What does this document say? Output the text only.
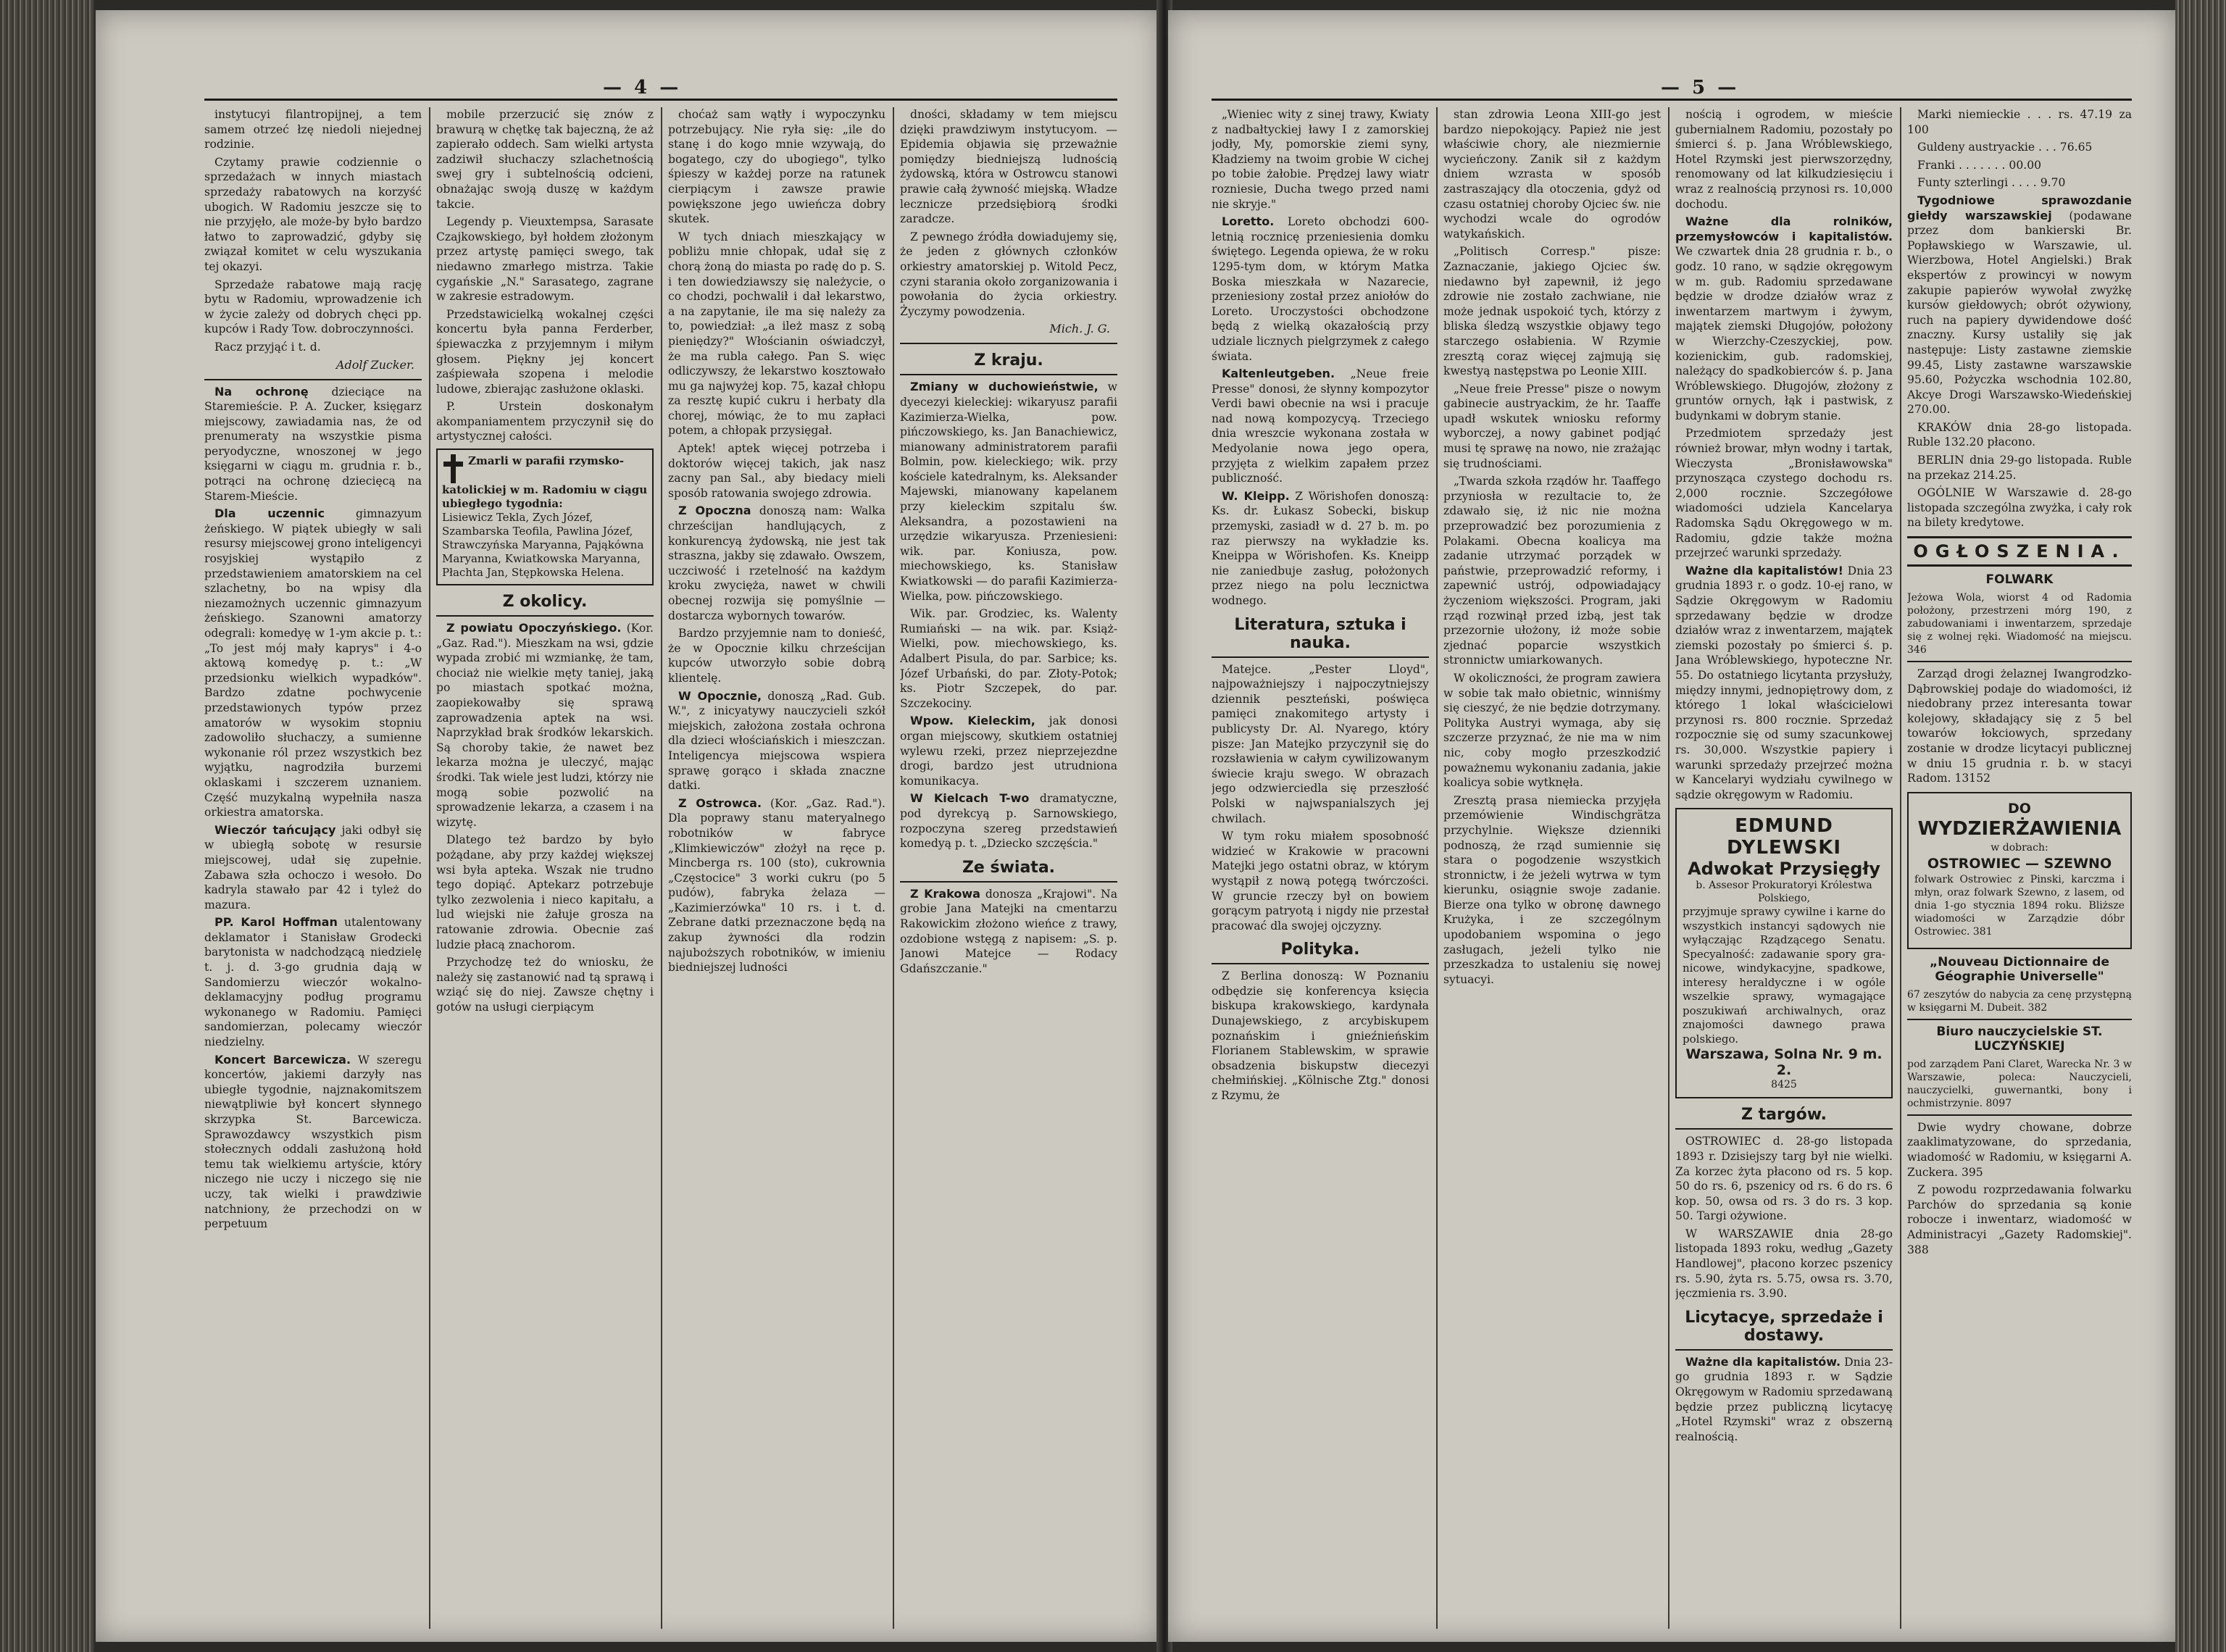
— 4 —

instytucyi filantropijnej, a tem samem otrzeć łzę niedoli niejednej rodzinie.

Czytamy prawie codziennie o sprzedażach w innych miastach sprzedaży rabatowych na korzyść ubogich. W Radomiu jeszcze się to nie przyjęło, ale może-by było bardzo łatwo to zaprowadzić, gdyby się związał komitet w celu wyszukania tej okazyi.

Sprzedaże rabatowe mają rację bytu w Radomiu, wprowadzenie ich w życie zależy od dobrych chęci pp. kupców i Rady Tow. dobroczynności.

Racz przyjąć i t. d.

Adolf Zucker.

Na ochronę dzieciące na Staremieście. P. A. Zucker, księgarz miejscowy, zawiadamia nas, że od prenumeraty na wszystkie pisma peryodyczne, wnoszonej w jego księgarni w ciągu m. grudnia r. b., potrąci na ochronę dziecięcą na Starem-Mieście.

Dla uczennic	gimnazyum żeńskiego. W piątek ubiegły w sali resursy miejscowej grono inteligencyi rosyjskiej wystąpiło z przedstawieniem amatorskiem na cel szlachetny, bo na wpisy dla niezamożnych uczennic gimnazyum żeńskiego. Szanowni amatorzy odegrali: komedyę w 1-ym akcie p. t.: „To jest mój mały kaprys" i 4-o aktową komedyę p. t.: „W przedsionku wielkich wypadków". Bardzo zdatne pochwycenie przedstawionych typów przez amatorów w wysokim stopniu zadowoliło słuchaczy, a sumienne wykonanie ról przez wszystkich bez wyjątku, nagrodziła burzemi oklaskami i szczerem uznaniem. Część muzykalną wypełniła nasza orkiestra amatorska.

Wieczór tańcujący jaki odbył się w ubiegłą sobotę w resursie miejscowej, udał się zupełnie. Zabawa szła ochoczo i wesoło. Do kadryla stawało par 42 i tyleż do mazura.

PP. Karol Hoffman utalentowany deklamator i Stanisław Grodecki barytonista w nadchodzącą niedzielę t. j. d. 3-go grudnia dają w Sandomierzu wieczór wokalno-deklamacyjny podług programu wykonanego w Radomiu. Pamięci sandomierzan, polecamy wieczór niedzielny.

Koncert Barcewicza. W szeregu koncertów, jakiemi darzyły nas ubiegłe tygodnie, najznakomitszem niewątpliwie był koncert słynnego skrzypka St. Barcewicza. Sprawozdawcy wszystkich pism stołecznych oddali zasłużoną hołd temu tak wielkiemu artyście, który niczego nie uczy i niczego się nie uczy, tak wielki i prawdziwie natchniony, że przechodzi on w perpetuum

mobile przerzucić się znów z brawurą w chętkę tak bajeczną, że aż zapierało oddech. Sam wielki artysta zadziwił słuchaczy szlachetnością swej gry i subtelnością odcieni, obnażając swoją duszę w każdym takcie.

Legendy p. Vieuxtempsa, Sarasate Czajkowskiego, był hołdem złożonym przez artystę pamięci swego, tak niedawno zmarłego mistrza. Takie cygańskie „N." Sarasatego, zagrane w zakresie estradowym.

Przedstawicielką wokalnej części koncertu była panna Ferderber, śpiewaczka z przyjemnym i miłym głosem. Piękny jej koncert zaśpiewała szopena i melodie ludowe, zbierając zasłużone oklaski.

P. Urstein doskonałym akompaniamentem przyczynił się do artystycznej całości.

Zmarli w parafii rzymsko-katolickiej w m. Radomiu w ciągu ubiegłego tygodnia:
Lisiewicz Tekla, Zych Józef, Szambarska Teofila, Pawlina Józef, Strawczyńska Maryanna, Pająkówna Maryanna, Kwiatkowska Maryanna, Płachta Jan, Stępkowska Helena.
Z okolicy.

Z powiatu Opoczyńskiego. (Kor. „Gaz. Rad."). Mieszkam na wsi, gdzie wypada zrobić mi wzmiankę, że tam, chociaż nie wielkie męty taniej, jaką po miastach spotkać można, zaopiekowałby się sprawą zaprowadzenia aptek na wsi. Naprzykład brak środków lekarskich. Są choroby takie, że nawet bez lekarza można je uleczyć, mając środki. Tak wiele jest ludzi, którzy nie mogą sobie pozwolić na sprowadzenie lekarza, a czasem i na wizytę.

Dlatego też bardzo by było pożądane, aby przy każdej większej wsi była apteka. Wszak nie trudno tego dopiąć. Aptekarz potrzebuje tylko zezwolenia i nieco kapitału, a lud wiejski nie żałuje grosza na ratowanie zdrowia. Obecnie zaś ludzie płacą znachorom.

Przychodzę też do wniosku, że należy się zastanowić nad tą sprawą i wziąć się do niej. Zawsze chętny i gotów na usługi cierpiącym

choćaż sam wątły i wypoczynku potrzebujący. Nie ryła się: „ile do stanę i do kogo mnie wzywają, do bogatego, czy do ubogiego", tylko śpieszy w każdej porze na ratunek cierpiącym i zawsze prawie powiększone jego uwieńcza dobry skutek.

W tych dniach mieszkający w pobliżu mnie chłopak, udał się z chorą żoną do miasta po radę do p. S. i ten dowiedziawszy się należycie, o co chodzi, pochwalił i dał lekarstwo, a na zapytanie, ile ma się należy za to, powiedział: „a ileż masz z sobą pieniędzy?" Włościanin oświadczył, że ma rubla całego. Pan S. więc odliczywszy, że lekarstwo kosztowało mu ga najwyżej kop. 75, kazał chłopu za resztę kupić cukru i herbaty dla chorej, mówiąc, że to mu zapłaci potem, a chłopak przysięgał.

Aptek! aptek więcej potrzeba i doktorów więcej takich, jak nasz zacny pan Sal., aby biedacy mieli sposób ratowania swojego zdrowia.

Z Opoczna donoszą nam: Walka chrześcijan handlujących, z konkurencyą żydowską, nie jest tak straszna, jakby się zdawało. Owszem, uczciwość i rzetelność na każdym kroku zwycięża, nawet w chwili obecnej rozwija się pomyślnie — dostarcza wybornych towarów.

Bardzo przyjemnie nam to donieść, że w Opocznie kilku chrześcijan kupców utworzyło sobie dobrą klientelę.

W Opocznie, donoszą „Rad. Gub. W.", z inicyatywy nauczycieli szkół miejskich, założona została ochrona dla dzieci włościańskich i mieszczan. Inteligencya miejscowa wspiera sprawę gorąco i składa znaczne datki.

Z Ostrowca. (Kor. „Gaz. Rad."). Dla poprawy stanu materyalnego robotników w fabryce „Klimkiewiczów" złożył na ręce p. Mincberga rs. 100 (sto), cukrownia „Częstocice" 3 worki cukru (po 5 pudów), fabryka żelaza — „Kazimierzówka" 10 rs. i t. d. Zebrane datki przeznaczone będą na zakup żywności dla rodzin najuboższych robotników, w imieniu biedniejszej ludności

dności, składamy w tem miejscu dzięki prawdziwym instytucyom. — Epidemia objawia się przeważnie pomiędzy biedniejszą ludnością żydowską, która w Ostrowcu stanowi prawie całą żywność miejską. Władze lecznicze przedsiębiorą środki zaradcze.

Z pewnego źródła dowiadujemy się, że jeden z głównych członków orkiestry amatorskiej p. Witold Pecz, czyni starania około zorganizowania i powołania do życia orkiestry. Życzymy powodzenia.

Mich. J. G.
Z kraju.

Zmiany w duchowieństwie, w dyecezyi kieleckiej: wikaryusz parafii Kazimierza-Wielka, pow. pińczowskiego, ks. Jan Banachiewicz, mianowany administratorem parafii Bolmin, pow. kieleckiego; wik. przy kościele katedralnym, ks. Aleksander Majewski, mianowany kapelanem przy kieleckim szpitalu św. Aleksandra, a pozostawieni na urzędzie wikaryusza. Przeniesieni: wik. par. Koniusza, pow. miechowskiego, ks. Stanisław Kwiatkowski — do parafii Kazimierza-Wielka, pow. pińczowskiego.

Wik. par. Grodziec, ks. Walenty Rumiański — na wik. par. Książ-Wielki, pow. miechowskiego, ks. Adalbert Pisula, do par. Sarbice; ks. Józef Urbański, do par. Złoty-Potok; ks. Piotr Szczepek, do par. Szczekociny.

Wpow. Kieleckim, jak donosi organ miejscowy, skutkiem ostatniej wylewu rzeki, przez nieprzejezdne drogi, bardzo jest utrudniona komunikacya.

W Kielcach T-wo dramatyczne, pod dyrekcyą p. Sarnowskiego, rozpoczyna szereg przedstawień komedyą p. t. „Dziecko szczęścia."

Ze świata.

Z Krakowa donosza „Krajowi". Na grobie Jana Matejki na cmentarzu Rakowickim złożono wieńce z trawy, ozdobione wstęgą z napisem: „S. p. Janowi Matejce — Rodacy Gdańszczanie."

— 5 —

„Wieniec wity z sinej trawy, Kwiaty z nadbałtyckiej ławy I z zamorskiej jodły, My, pomorskie ziemi syny, Kładziemy na twoim grobie W cichej po tobie żałobie. Prędzej lawy wiatr rozniesie, Ducha twego przed nami nie skryje."

Loretto. Loreto obchodzi 600-letnią rocznicę przeniesienia domku świętego. Legenda opiewa, że w roku 1295-tym dom, w którym Matka Boska mieszkała w Nazarecie, przeniesiony został przez aniołów do Loreto. Uroczystości obchodzone będą z wielką okazałością przy udziale licznych pielgrzymek z całego świata.

Kaltenleutgeben. „Neue freie Presse" donosi, że słynny kompozytor Verdi bawi obecnie na wsi i pracuje nad nową kompozycyą. Trzeciego dnia wreszcie wykonana została w Medyolanie nowa jego opera, przyjęta z wielkim zapałem przez publiczność.

W. Kleipp. Z Wörishofen donoszą: Ks. dr. Łukasz Sobecki, biskup przemyski, zasiadł w d. 27 b. m. po raz pierwszy na wykładzie ks. Kneippa w Wörishofen. Ks. Kneipp nie zaniedbuje zasług, położonych przez niego na polu lecznictwa wodnego.

Literatura, sztuka i nauka.

Matejce. „Pester Lloyd", najpoważniejszy i najpoczytniejszy dziennik peszteński, poświęca pamięci znakomitego artysty i publicysty Dr. Al. Nyarego, który pisze: Jan Matejko przyczynił się do rozsławienia w całym cywilizowanym świecie kraju swego. W obrazach jego odzwierciedla się przeszłość Polski w najwspanialszych jej chwilach.

W tym roku miałem sposobność widzieć w Krakowie w pracowni Matejki jego ostatni obraz, w którym wystąpił z nową potęgą twórczości. W gruncie rzeczy był on bowiem gorącym patryotą i nigdy nie przestał pracować dla swojej ojczyzny.

Polityka.

Z Berlina donoszą: W Poznaniu odbędzie się konferencya księcia biskupa krakowskiego, kardynała Dunajewskiego, z arcybiskupem poznańskim i gnieźnieńskim Florianem Stablewskim, w sprawie obsadzenia biskupstw diecezyi chełmińskiej. „Kölnische Ztg." donosi z Rzymu, że

stan zdrowia Leona XIII-go jest bardzo niepokojący. Papież nie jest właściwie chory, ale niezmiernie wycieńczony. Zanik sił z każdym dniem wzrasta w sposób zastraszający dla otoczenia, gdyż od czasu ostatniej choroby Ojciec św. nie wychodzi wcale do ogrodów watykańskich.

„Politisch Corresp." pisze: Zaznaczanie, jakiego Ojciec św. niedawno był zapewnił, iż jego zdrowie nie zostało zachwiane, nie może jednak uspokoić tych, którzy z bliska śledzą wszystkie objawy tego starczego osłabienia. W Rzymie zresztą coraz więcej zajmują się kwestyą następstwa po Leonie XIII.

„Neue freie Presse" pisze o nowym gabinecie austryackim, że hr. Taaffe upadł wskutek wniosku reformy wyborczej, a nowy gabinet podjąć musi tę sprawę na nowo, nie zrażając się trudnościami.

„Twarda szkoła rządów hr. Taaffego przyniosła w rezultacie to, że zdawało się, iż nic nie można przeprowadzić bez porozumienia z Polakami. Obecna koalicya ma zadanie utrzymać porządek w państwie, przeprowadzić reformy, i zapewnić ustrój, odpowiadający życzeniom większości. Program, jaki rząd rozwinął przed izbą, jest tak przezornie ułożony, iż może sobie zjednać poparcie wszystkich stronnictw umiarkowanych.

W okoliczności, że program zawiera w sobie tak mało obietnic, winniśmy się cieszyć, że nie będzie dotrzymany. Polityka Austryi wymaga, aby się szczerze przyznać, że nie ma w nim nic, coby mogło przeszkodzić poważnemu wykonaniu zadania, jakie koalicya sobie wytknęła.

Zresztą prasa niemiecka przyjęła przemówienie Windischgrätza przychylnie. Większe dzienniki podnoszą, że rząd sumiennie się stara o pogodzenie wszystkich stronnictw, i że jeżeli wytrwa w tym kierunku, osiągnie swoje zadanie. Bierze ona tylko w obronę dawnego Krużyka, i ze szczególnym upodobaniem wspomina o jego zasługach, jeżeli tylko nie przeszkadza to ustaleniu się nowej sytuacyi.

nością i ogrodem, w mieście gubernialnem Radomiu, pozostały po śmierci ś. p. Jana Wróblewskiego, Hotel Rzymski jest pierwszorzędny, renomowany od lat kilkudziesięciu i wraz z realnością przynosi rs. 10,000 dochodu.

Ważne dla rolników, przemysłowców i kapitalistów. We czwartek dnia 28 grudnia r. b., o godz. 10 rano, w sądzie okręgowym w m. gub. Radomiu sprzedawane będzie w drodze działów wraz z inwentarzem martwym i żywym, majątek ziemski Długojów, położony w Wierzchy-Czeszyckiej, pow. kozienickim, gub. radomskiej, należący do spadkobierców ś. p. Jana Wróblewskiego. Długojów, złożony z gruntów ornych, łąk i pastwisk, z budynkami w dobrym stanie.

Przedmiotem sprzedaży jest również browar, młyn wodny i tartak, Wieczysta „Bronisławowska" przynosząca czystego dochodu rs. 2,000 rocznie. Szczegółowe wiadomości udziela Kancelarya Radomska Sądu Okręgowego w m. Radomiu, gdzie także można przejrzeć warunki sprzedaży.

Ważne dla kapitalistów! Dnia 23 grudnia 1893 r. o godz. 10-ej rano, w Sądzie Okręgowym w Radomiu sprzedawany będzie w drodze działów wraz z inwentarzem, majątek ziemski pozostały po śmierci ś. p. Jana Wróblewskiego, hypoteczne Nr. 55. Do ostatniego licytanta przysłuży, między innymi, jednopiętrowy dom, z którego 1 lokal właścicielowi przynosi rs. 800 rocznie. Sprzedaż rozpocznie się od sumy szacunkowej rs. 30,000. Wszystkie papiery i warunki sprzedaży przejrzeć można w Kancelaryi wydziału cywilnego w sądzie okręgowym w Radomiu.

EDMUND DYLEWSKI
Adwokat Przysięgły
b. Assesor Prokuratoryi Królestwa Polskiego,
przyjmuje sprawy cywilne i karne do wszystkich instancyi sądowych nie wyłączając Rządzącego Senatu. Specyalność: zadawanie spory gra-nicowe, windykacyjne, spadkowe, interesy heraldyczne i w ogóle wszelkie sprawy, wymagające poszukiwań archiwalnych, oraz znajomości dawnego prawa polskiego.
Warszawa, Solna Nr. 9 m. 2.
8425
Z targów.

OSTROWIEC d. 28-go listopada 1893 r. Dzisiejszy targ był nie wielki. Za korzec żyta płacono od rs. 5 kop. 50 do rs. 6, pszenicy od rs. 6 do rs. 6 kop. 50, owsa od rs. 3 do rs. 3 kop. 50. Targi ożywione.

W WARSZAWIE dnia 28-go listopada 1893 roku, według „Gazety Handlowej", płacono korzec pszenicy rs. 5.90, żyta rs. 5.75, owsa rs. 3.70, jęczmienia rs. 3.90.

Licytacye, sprzedaże i dostawy.

Ważne dla kapitalistów. Dnia 23-go grudnia 1893 r. w Sądzie Okręgowym w Radomiu sprzedawaną będzie przez publiczną licytacyę „Hotel Rzymski" wraz z obszerną realnością.

Marki niemieckie . . . rs. 47.19 za 100

Guldeny austryackie . . . 76.65

Franki . . . . . . . 00.00

Funty szterlingi . . . . 9.70

Tygodniowe sprawozdanie giełdy warszawskiej (podawane przez dom bankierski Br. Popławskiego w Warszawie, ul. Wierzbowa, Hotel Angielski.) Brak ekspertów z prowincyi w nowym zakupie papierów wywołał zwyżkę kursów giełdowych; obrót ożywiony, ruch na papiery dywidendowe dość znaczny. Kursy ustaliły się jak następuje: Listy zastawne ziemskie 99.45, Listy zastawne warszawskie 95.60, Pożyczka wschodnia 102.80, Akcye Drogi Warszawsko-Wiedeńskiej 270.00.

KRAKÓW dnia 28-go listopada. Ruble 132.20 płacono.

BERLIN dnia 29-go listopada. Ruble na przekaz 214.25.

OGÓLNIE W Warszawie d. 28-go listopada szczególna zwyżka, i cały rok na bilety kredytowe.

OGŁOSZENIA.
FOLWARK

Jeżowa Wola, wiorst 4 od Radomia położony, przestrzeni mórg 190, z zabudowaniami i inwentarzem, sprzedaje się z wolnej ręki. Wiadomość na miejscu. 346

Zarząd drogi żelaznej Iwangrodzko-Dąbrowskiej podaje do wiadomości, iż niedobrany przez interesanta towar kolejowy, składający się z 5 bel towarów łokciowych, sprzedany zostanie w drodze licytacyi publicznej w dniu 15 grudnia r. b. w stacyi Radom. 13152

DO
WYDZIERŻAWIENIA
w dobrach:
OSTROWIEC — SZEWNO
folwark Ostrowiec z Pinski, karczma i młyn, oraz folwark Szewno, z lasem, od dnia 1-go stycznia 1894 roku. Bliższe wiadomości w Zarządzie dóbr Ostrowiec. 381
„Nouveau Dictionnaire de Géographie Universelle"

67 zeszytów do nabycia za cenę przystępną w księgarni M. Dubeit. 382

Biuro nauczycielskie ST. LUCZYŃSKIEJ

pod zarządem Pani Claret, Warecka Nr. 3 w Warszawie, poleca: Nauczycieli, nauczycielki, guwernantki, bony i ochmistrzynie. 8097

Dwie wydry chowane, dobrze zaaklimatyzowane, do sprzedania, wiadomość w Radomiu, w księgarni A. Zuckera. 395

Z powodu rozprzedawania folwarku Parchów do sprzedania są konie robocze i inwentarz, wiadomość w Administracyi „Gazety Radomskiej". 388
